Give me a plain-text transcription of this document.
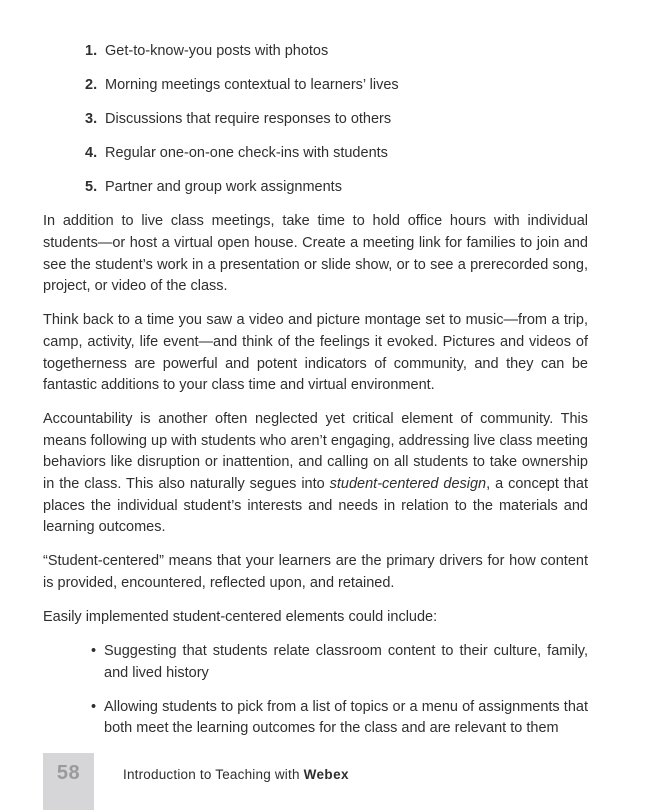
1. Get-to-know-you posts with photos
2. Morning meetings contextual to learners’ lives
3. Discussions that require responses to others
4. Regular one-on-one check-ins with students
5. Partner and group work assignments

In addition to live class meetings, take time to hold office hours with individual students—or host a virtual open house. Create a meeting link for families to join and see the student’s work in a presentation or slide show, or to see a prerecorded song, project, or video of the class.

Think back to a time you saw a video and picture montage set to music—from a trip, camp, activity, life event—and think of the feelings it evoked. Pictures and videos of togetherness are powerful and potent indicators of community, and they can be fantastic additions to your class time and virtual environment.

Accountability is another often neglected yet critical element of community. This means following up with students who aren’t engaging, addressing live class meeting behaviors like disruption or inattention, and calling on all students to take ownership in the class. This also naturally segues into student-centered design, a concept that places the individual student’s interests and needs in relation to the materials and learning outcomes.

“Student-centered” means that your learners are the primary drivers for how content is provided, encountered, reflected upon, and retained.

Easily implemented student-centered elements could include:

• Suggesting that students relate classroom content to their culture, family, and lived history
• Allowing students to pick from a list of topics or a menu of assignments that both meet the learning outcomes for the class and are relevant to them
58	Introduction to Teaching with Webex
